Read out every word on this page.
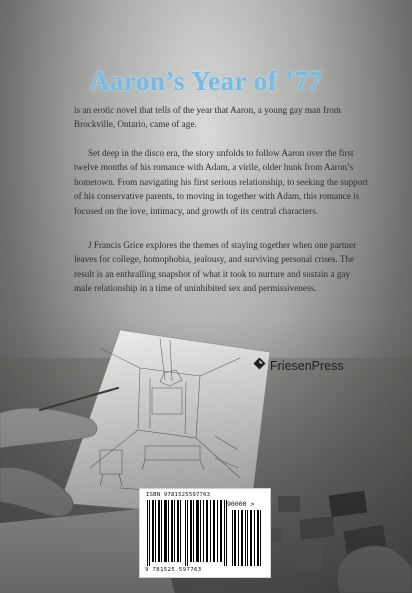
Aaron’s Year of ’77

is an erotic novel that tells of the year that Aaron, a young gay man from Brockville, Ontario, came of age.

Set deep in the disco era, the story unfolds to follow Aaron over the first twelve months of his romance with Adam, a virile, older hunk from Aaron’s hometown. From navigating his first serious relationship, to seeking the support of his conservative parents, to moving in together with Adam, this romance is focused on the love, intimacy, and growth of its central characters.

J Francis Grice explores the themes of staying together when one partner leaves for college, homophobia, jealousy, and surviving personal crises. The result is an enthralling snapshot of what it took to nurture and sustain a gay male relationship in a time of uninhibited sex and permissiveness.

FriesenPress
ISBN 9781525597763
90000 >
9 781525 597763
